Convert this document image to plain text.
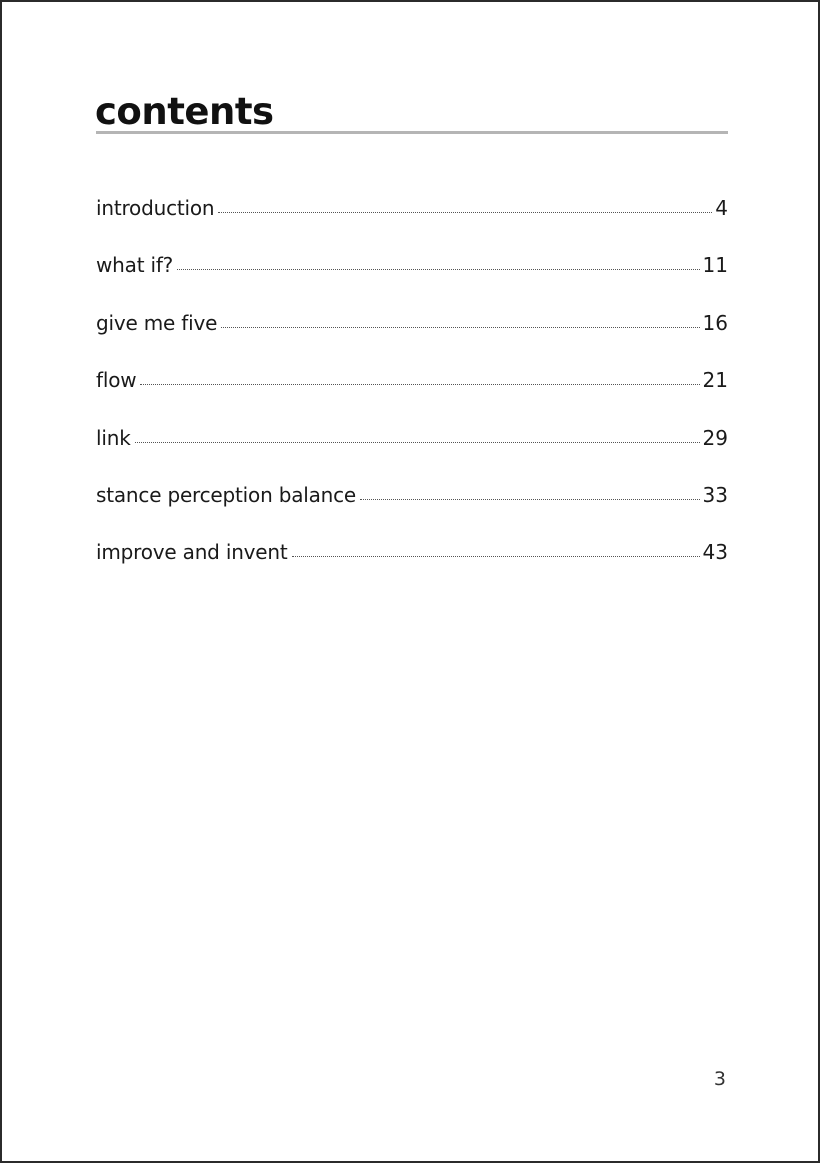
contents
introduction	4
what if?	11
give me five	16
flow	21
link	29
stance perception balance	33
improve and invent	43
3
